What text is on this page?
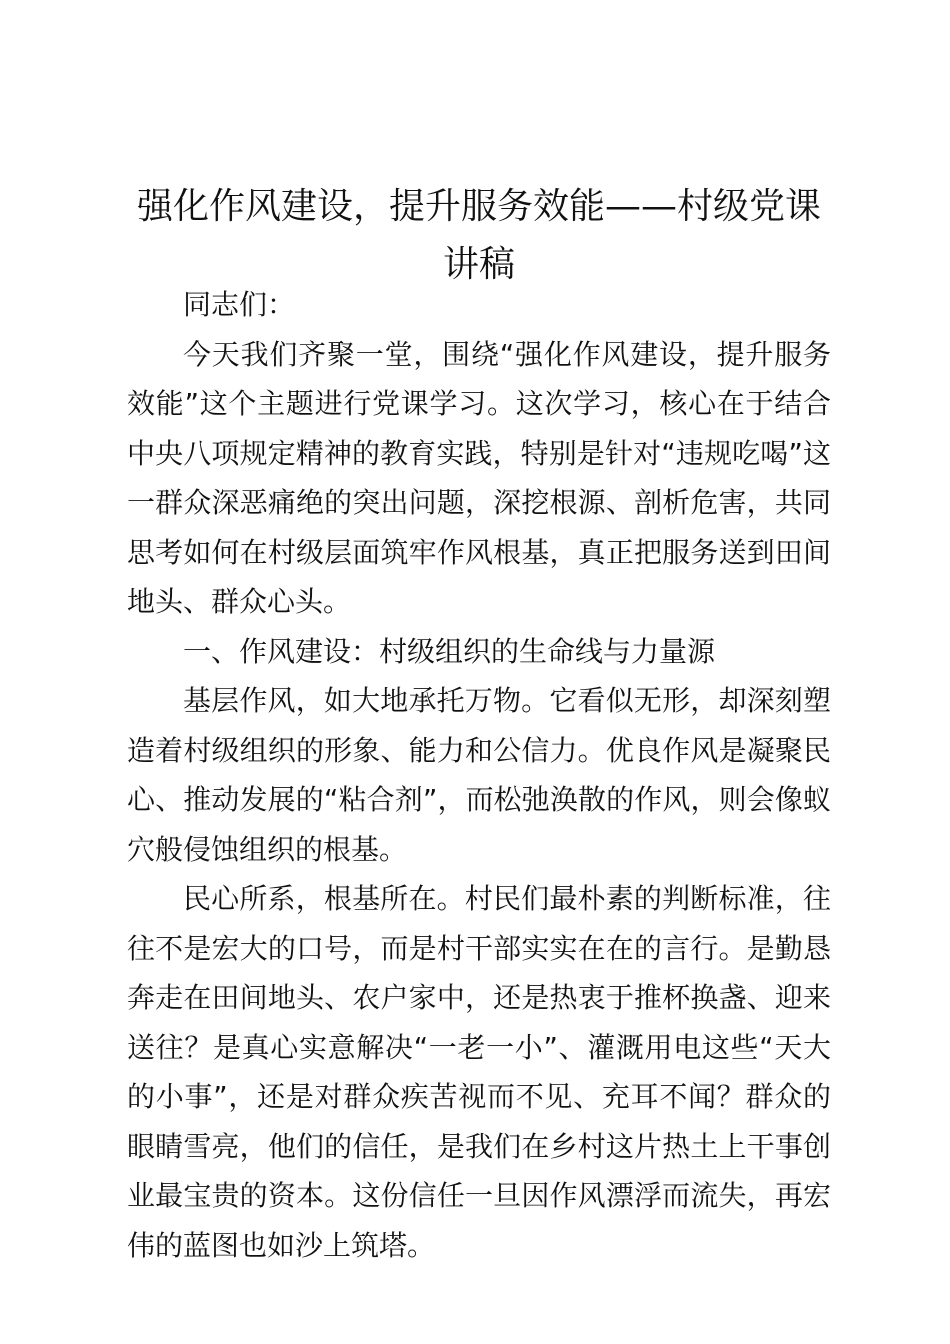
强化作风建设，提升服务效能——村级党课讲稿

同志们：

今天我们齐聚一堂，围绕“强化作风建设，提升服务效能”这个主题进行党课学习。这次学习，核心在于结合中央八项规定精神的教育实践，特别是针对“违规吃喝”这一群众深恶痛绝的突出问题，深挖根源、剖析危害，共同思考如何在村级层面筑牢作风根基，真正把服务送到田间地头、群众心头。

一、作风建设：村级组织的生命线与力量源

基层作风，如大地承托万物。它看似无形，却深刻塑造着村级组织的形象、能力和公信力。优良作风是凝聚民心、推动发展的“粘合剂”，而松弛涣散的作风，则会像蚁穴般侵蚀组织的根基。

民心所系，根基所在。村民们最朴素的判断标准，往往不是宏大的口号，而是村干部实实在在的言行。是勤恳奔走在田间地头、农户家中，还是热衷于推杯换盏、迎来送往？是真心实意解决“一老一小”、灌溉用电这些“天大的小事”，还是对群众疾苦视而不见、充耳不闻？群众的眼睛雪亮，他们的信任，是我们在乡村这片热土上干事创业最宝贵的资本。这份信任一旦因作风漂浮而流失，再宏伟的蓝图也如沙上筑塔。
